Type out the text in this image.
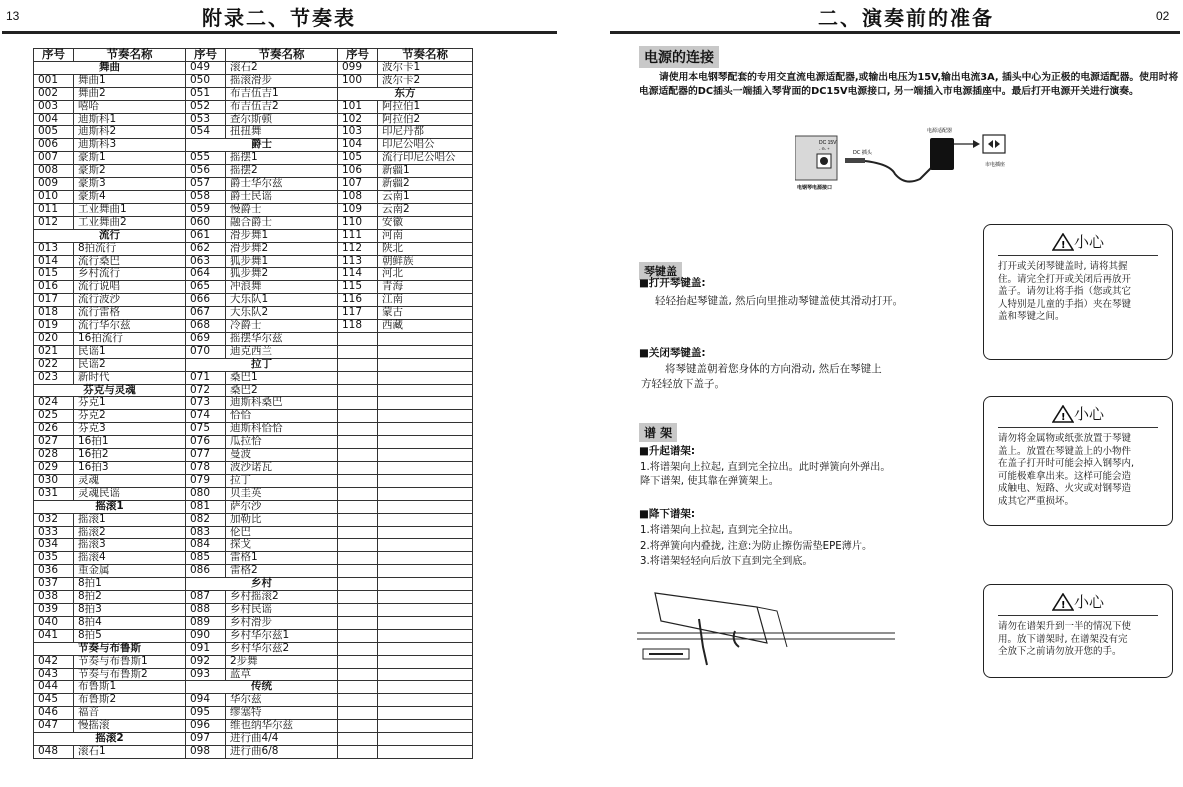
13	附录二、节奏表
序号	节奏名称	序号	节奏名称	序号	节奏名称
舞曲		049	滚石2	099	波尔卡1
001	舞曲1	050	摇滚滑步	100	波尔卡2
002	舞曲2	051	布吉伍吉1	东方	
003	嘻哈	052	布吉伍吉2	101	阿拉伯1
004	迪斯科1	053	查尔斯顿	102	阿拉伯2
005	迪斯科2	054	扭扭舞	103	印尼丹都
006	迪斯科3	爵士		104	印尼公唱公
007	豪斯1	055	摇摆1	105	流行印尼公唱公
008	豪斯2	056	摇摆2	106	新疆1
009	豪斯3	057	爵士华尔兹	107	新疆2
010	豪斯4	058	爵士民谣	108	云南1
011	工业舞曲1	059	慢爵士	109	云南2
012	工业舞曲2	060	融合爵士	110	安徽
流行		061	滑步舞1	111	河南
013	8拍流行	062	滑步舞2	112	陕北
014	流行桑巴	063	狐步舞1	113	朝鲜族
015	乡村流行	064	狐步舞2	114	河北
016	流行说唱	065	冲浪舞	115	青海
017	流行波沙	066	大乐队1	116	江南
018	流行雷格	067	大乐队2	117	蒙古
019	流行华尔兹	068	冷爵士	118	西藏
020	16拍流行	069	摇摆华尔兹		
021	民谣1	070	迪克西兰		
022	民谣2	拉丁			
023	新时代	071	桑巴1		
芬克与灵魂		072	桑巴2		
024	芬克1	073	迪斯科桑巴		
025	芬克2	074	恰恰		
026	芬克3	075	迪斯科恰恰		
027	16拍1	076	瓜拉恰		
028	16拍2	077	曼波		
029	16拍3	078	波沙诺瓦		
030	灵魂	079	拉丁		
031	灵魂民谣	080	贝圭英		
摇滚1		081	萨尔沙		
032	摇滚1	082	加勒比		
033	摇滚2	083	伦巴		
034	摇滚3	084	探戈		
035	摇滚4	085	雷格1		
036	重金属	086	雷格2		
037	8拍1	乡村			
038	8拍2	087	乡村摇滚2		
039	8拍3	088	乡村民谣		
040	8拍4	089	乡村滑步		
041	8拍5	090	乡村华尔兹1		
节奏与布鲁斯		091	乡村华尔兹2		
042	节奏与布鲁斯1	092	2步舞		
043	节奏与布鲁斯2	093	蓝草		
044	布鲁斯1	传统			
045	布鲁斯2	094	华尔兹		
046	福音	095	缪塞特		
047	慢摇滚	096	维也纳华尔兹		
摇滚2		097	进行曲4/4		
048	滚石1	098	进行曲6/8		
二、演奏前的准备	02
电源的连接
请使用本电钢琴配套的专用交直流电源适配器,或输出电压为15V,输出电流3A, 插头中心为正极的电源适配器。使用时将电源适配器的DC插头一端插入琴背面的DC15V电源接口, 另一端插入市电源插座中。最后打开电源开关进行演奏。
DC 15V
- ⊖- +
电钢琴电源接口
DC 插头
电源适配器
市电插座
琴键盖
■打开琴键盖:
轻轻抬起琴键盖, 然后向里推动琴键盖使其滑动打开。
■关闭琴键盖:
将琴键盖朝着您身体的方向滑动, 然后在琴键上
方轻轻放下盖子。
谱 架
■升起谱架:
1.将谱架向上拉起, 直到完全拉出。此时弹簧向外弹出。
降下谱架, 使其靠在弹簧架上。
■降下谱架:
1.将谱架向上拉起, 直到完全拉出。
2.将弹簧向内叠拢, 注意:为防止擦伤需垫EPE薄片。
3.将谱架轻轻向后放下直到完全到底。
! 小心
打开或关闭琴键盖时, 请将其握
住。请完全打开或关闭后再放开
盖子。请勿让将手指（您或其它
人特别是儿童的手指）夹在琴键
盖和琴键之间。
! 小心
请勿将金属物或纸张放置于琴键
盖上。放置在琴键盖上的小物件
在盖子打开时可能会掉入钢琴内,
可能极难拿出来。这样可能会造
成触电、短路、火灾或对钢琴造
成其它严重损坏。
! 小心
请勿在谱架升到一半的情况下使
用。放下谱架时, 在谱架没有完
全放下之前请勿放开您的手。
